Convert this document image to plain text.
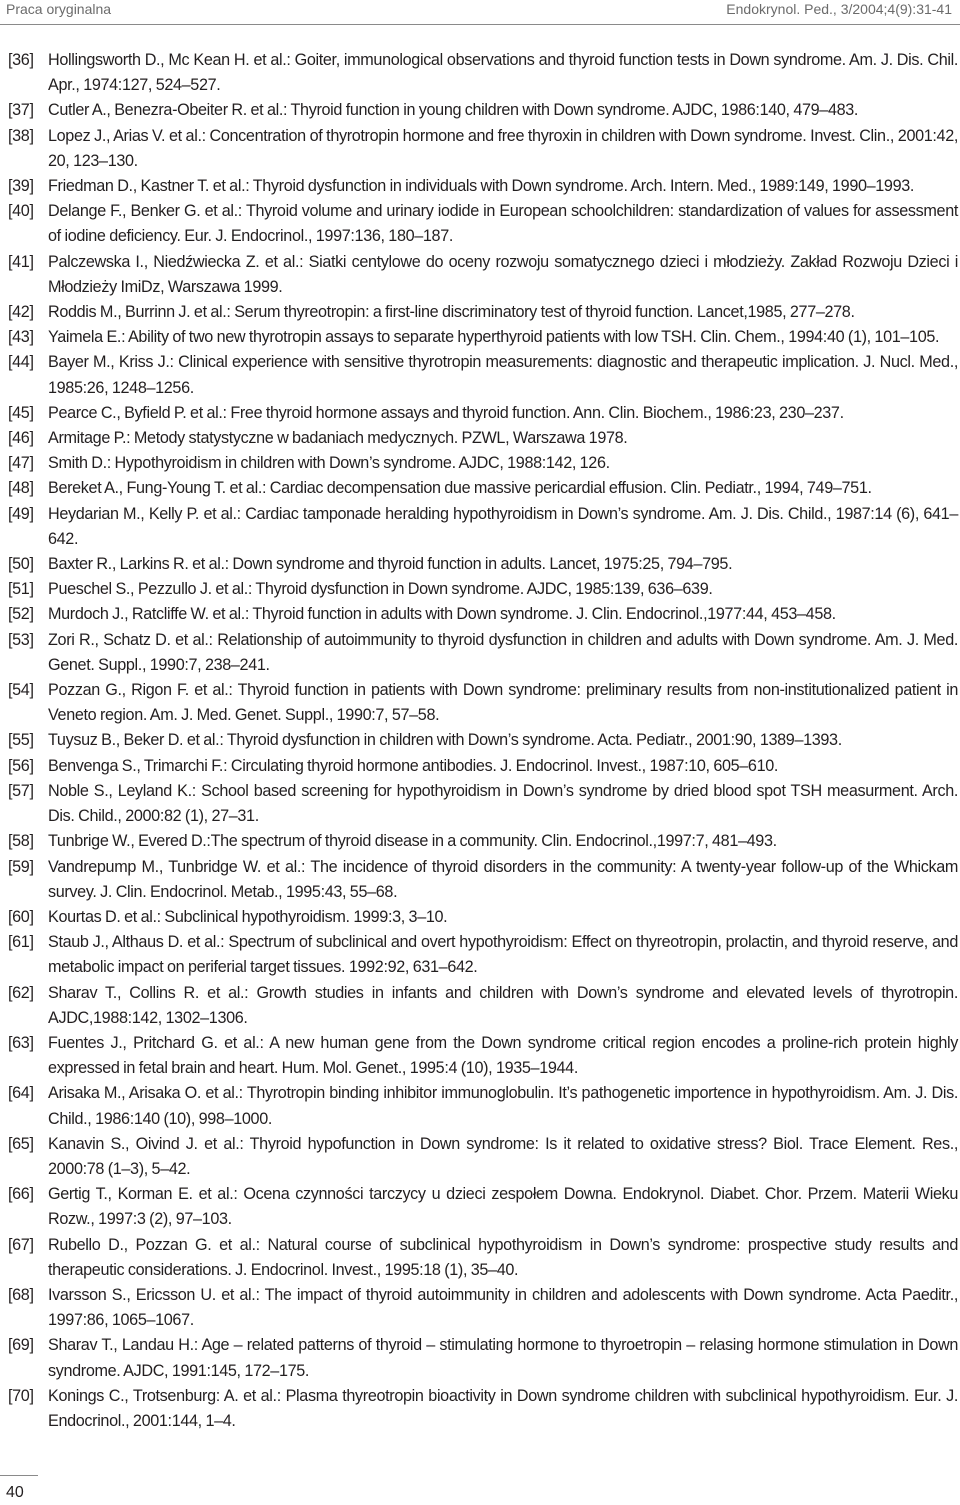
Praca oryginalna	Endokrynol. Ped., 3/2004;4(9):31-41
[36] Hollingsworth D., Mc Kean H. et al.: Goiter, immunological observations and thyroid function tests in Down syndrome. Am. J. Dis. Chil. Apr., 1974:127, 524–527.
[37] Cutler A., Benezra-Obeiter R. et al.: Thyroid function in young children with Down syndrome. AJDC, 1986:140, 479–483.
[38] Lopez J., Arias V. et al.: Concentration of thyrotropin hormone and free thyroxin in children with Down syndrome. Invest. Clin., 2001:42, 20, 123–130.
[39] Friedman D., Kastner T. et al.: Thyroid dysfunction in individuals with Down syndrome. Arch. Intern. Med., 1989:149, 1990–1993.
[40] Delange F., Benker G. et al.: Thyroid volume and urinary iodide in European schoolchildren: standardization of values for assessment of iodine deficiency. Eur. J. Endocrinol., 1997:136, 180–187.
[41] Palczewska I., Niedźwiecka Z. et al.: Siatki centylowe do oceny rozwoju somatycznego dzieci i młodzieży. Zakład Rozwoju Dzieci i Młodzieży ImiDz, Warszawa 1999.
[42] Roddis M., Burrinn J. et al.: Serum thyreotropin: a first-line discriminatory test of thyroid function. Lancet,1985, 277–278.
[43] Yaimela E.: Ability of two new thyrotropin assays to separate hyperthyroid patients with low TSH. Clin. Chem., 1994:40 (1), 101–105.
[44] Bayer M., Kriss J.: Clinical experience with sensitive thyrotropin measurements: diagnostic and therapeutic implication. J. Nucl. Med., 1985:26, 1248–1256.
[45] Pearce C., Byfield P. et al.: Free thyroid hormone assays and thyroid function. Ann. Clin. Biochem., 1986:23, 230–237.
[46] Armitage P.: Metody statystyczne w badaniach medycznych. PZWL, Warszawa 1978.
[47] Smith D.: Hypothyroidism in children with Down’s syndrome. AJDC, 1988:142, 126.
[48] Bereket A., Fung-Young T. et al.: Cardiac decompensation due massive pericardial effusion. Clin. Pediatr., 1994, 749–751.
[49] Heydarian M., Kelly P. et al.: Cardiac tamponade heralding hypothyroidism in Down’s syndrome. Am. J. Dis. Child., 1987:14 (6), 641–642.
[50] Baxter R., Larkins R. et al.: Down syndrome and thyroid function in adults. Lancet, 1975:25, 794–795.
[51] Pueschel S., Pezzullo J. et al.: Thyroid dysfunction in Down syndrome. AJDC, 1985:139, 636–639.
[52] Murdoch J., Ratcliffe W. et al.: Thyroid function in adults with Down syndrome. J. Clin. Endocrinol.,1977:44, 453–458.
[53] Zori R., Schatz D. et al.: Relationship of autoimmunity to thyroid dysfunction in children and adults with Down syndrome. Am. J. Med. Genet. Suppl., 1990:7, 238–241.
[54] Pozzan G., Rigon F. et al.: Thyroid function in patients with Down syndrome: preliminary results from non-institutionalized patient in Veneto region. Am. J. Med. Genet. Suppl., 1990:7, 57–58.
[55] Tuysuz B., Beker D. et al.: Thyroid dysfunction in children with Down’s syndrome. Acta. Pediatr., 2001:90, 1389–1393.
[56] Benvenga S., Trimarchi F.: Circulating thyroid hormone antibodies. J. Endocrinol. Invest., 1987:10, 605–610.
[57] Noble S., Leyland K.: School based screening for hypothyroidism in Down’s syndrome by dried blood spot TSH measurment. Arch. Dis. Child., 2000:82 (1), 27–31.
[58] Tunbrige W., Evered D.:The spectrum of thyroid disease in a community. Clin. Endocrinol.,1997:7, 481–493.
[59] Vandrepump M., Tunbridge W. et al.: The incidence of thyroid disorders in the community: A twenty-year follow-up of the Whickam survey. J. Clin. Endocrinol. Metab., 1995:43, 55–68.
[60] Kourtas D. et al.: Subclinical hypothyroidism. 1999:3, 3–10.
[61] Staub J., Althaus D. et al.: Spectrum of subclinical and overt hypothyroidism: Effect on thyreotropin, prolactin, and thyroid reserve, and metabolic impact on periferial target tissues. 1992:92, 631–642.
[62] Sharav T., Collins R. et al.: Growth studies in infants and children with Down’s syndrome and elevated levels of thyrotropin. AJDC,1988:142, 1302–1306.
[63] Fuentes J., Pritchard G. et al.: A new human gene from the Down syndrome critical region encodes a proline-rich protein highly expressed in fetal brain and heart. Hum. Mol. Genet., 1995:4 (10), 1935–1944.
[64] Arisaka M., Arisaka O. et al.: Thyrotropin binding inhibitor immunoglobulin. It’s pathogenetic importence in hypothyroidism. Am. J. Dis. Child., 1986:140 (10), 998–1000.
[65] Kanavin S., Oivind J. et al.: Thyroid hypofunction in Down syndrome: Is it related to oxidative stress? Biol. Trace Element. Res., 2000:78 (1–3), 5–42.
[66] Gertig T., Korman E. et al.: Ocena czynności tarczycy u dzieci zespołem Downa. Endokrynol. Diabet. Chor. Przem. Materii Wieku Rozw., 1997:3 (2), 97–103.
[67] Rubello D., Pozzan G. et al.: Natural course of subclinical hypothyroidism in Down’s syndrome: prospective study results and therapeutic considerations. J. Endocrinol. Invest., 1995:18 (1), 35–40.
[68] Ivarsson S., Ericsson U. et al.: The impact of thyroid autoimmunity in children and adolescents with Down syndrome. Acta Paeditr., 1997:86, 1065–1067.
[69] Sharav T., Landau H.: Age – related patterns of thyroid – stimulating hormone to thyroetropin – relasing hormone stimulation in Down syndrome. AJDC, 1991:145, 172–175.
[70] Konings C., Trotsenburg: A. et al.: Plasma thyreotropin bioactivity in Down syndrome children with subclinical hypothyroidism. Eur. J. Endocrinol., 2001:144, 1–4.
40
